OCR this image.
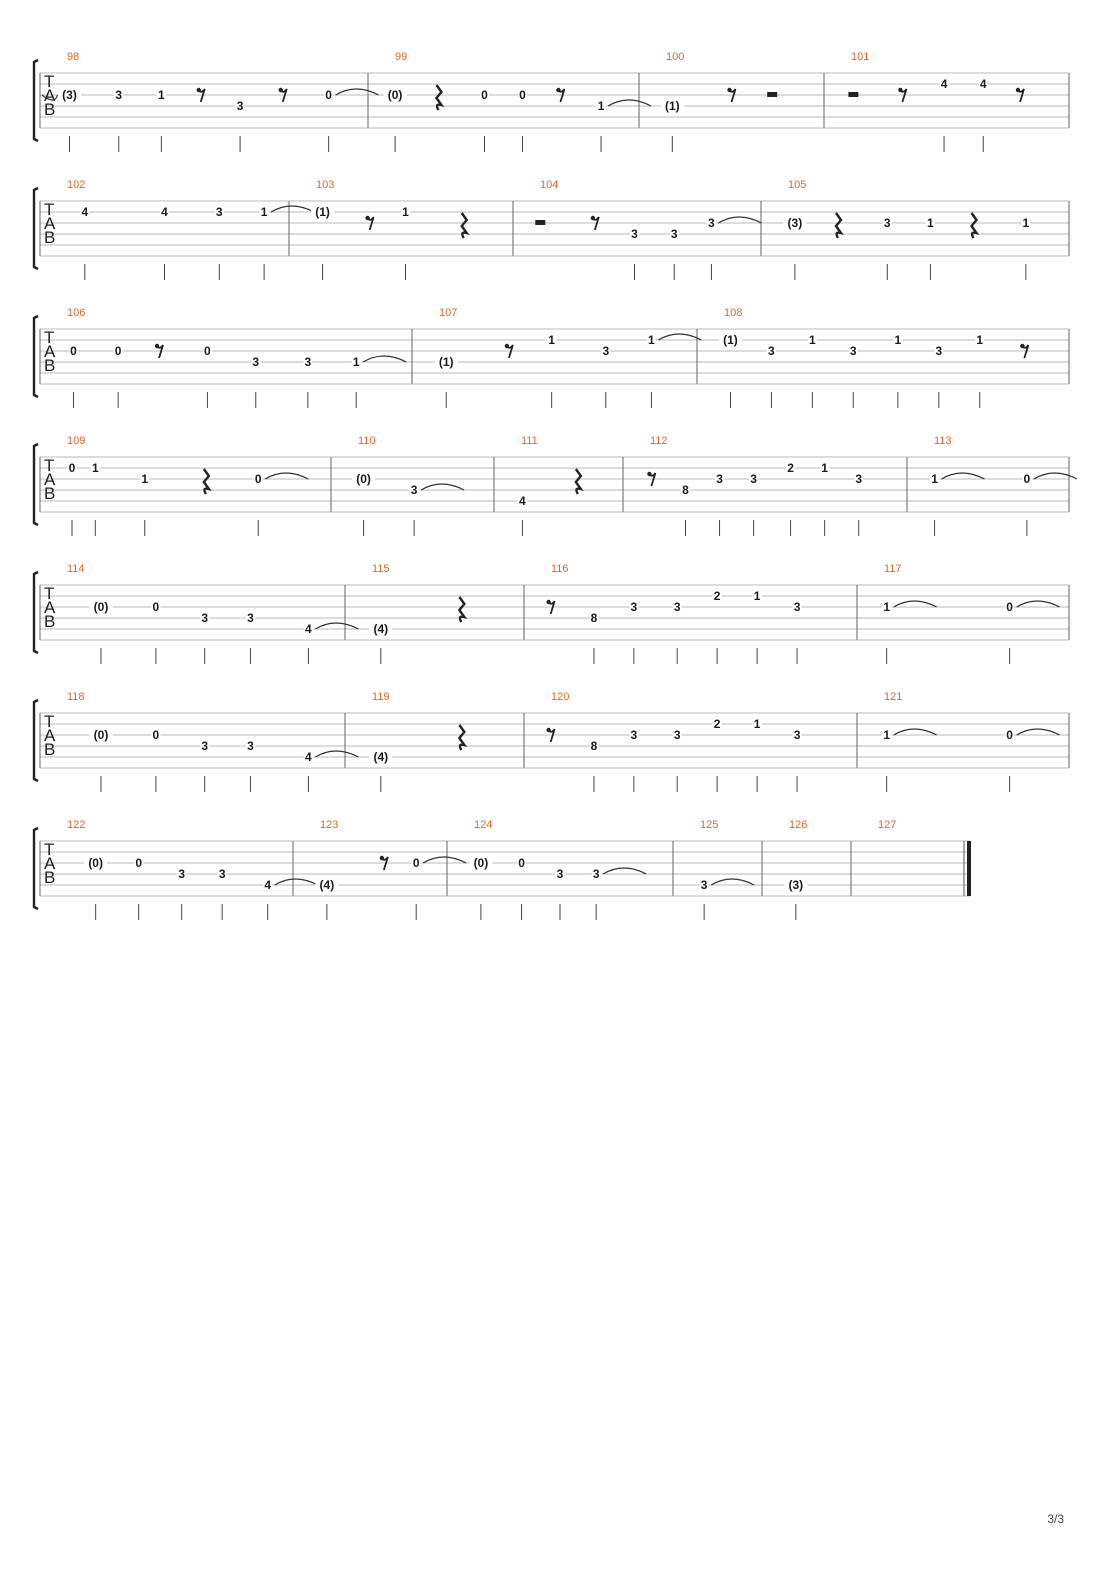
T
A
B
98
(3)	3	1
3
0
99
(0)	0	0
1
100
(1)
101
4	4
T
A
B
102
4	4	3	1
103
(1)	1
104
3	3
3
105
(3)	3	1	1
T
A
B
106
0	0	0
3	3	1
107
(1)
1
3
1
108
(1)
3
1
3
1
3
1
T
A
B
109
0 1
1	0
110
(0)
3
111
4
112
8
3 3
2 1
3
113
1	0
T
A
B
114
(0)	0
3	3
4
115
(4)
116
8
3	3
2	1
3
117
1	0
T
A
B
118
(0)	0
3	3
4
119
(4)
120
8
3	3
2	1
3
121
1	0
T
A
B
122
(0)	0
3	3
4
123
(4)
0
124
(0)	0
3 3
125
3
126
(3)
127
3/3
